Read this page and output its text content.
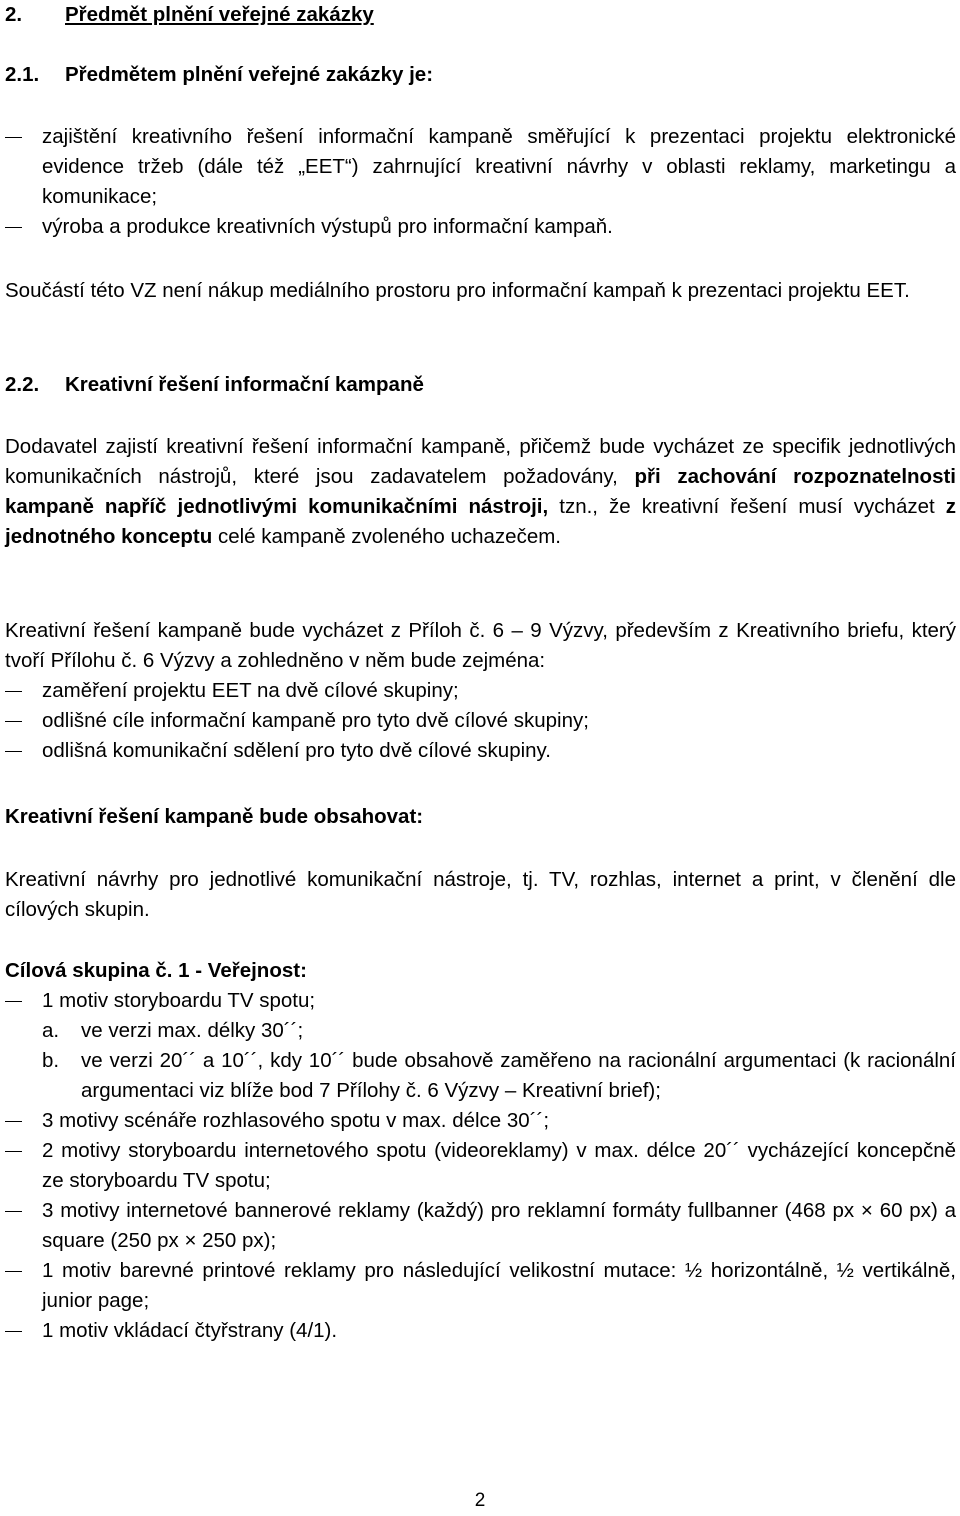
2.	Předmět plnění veřejné zakázky
2.1.	Předmětem plnění veřejné zakázky je:
zajištění kreativního řešení informační kampaně směřující k prezentaci projektu elektronické evidence tržeb (dále též „EET“) zahrnující kreativní návrhy v oblasti reklamy, marketingu a komunikace;
výroba a produkce kreativních výstupů pro informační kampaň.

Součástí této VZ není nákup mediálního prostoru pro informační kampaň k prezentaci projektu EET.

2.2.	Kreativní řešení informační kampaně

Dodavatel zajistí kreativní řešení informační kampaně, přičemž bude vycházet ze specifik jednotlivých komunikačních nástrojů, které jsou zadavatelem požadovány, při zachování rozpoznatelnosti kampaně napříč jednotlivými komunikačními nástroji, tzn., že kreativní řešení musí vycházet z jednotného konceptu celé kampaně zvoleného uchazečem.

Kreativní řešení kampaně bude vycházet z Příloh č. 6 – 9 Výzvy, především z Kreativního briefu, který tvoří Přílohu č. 6 Výzvy a zohledněno v něm bude zejména:

zaměření projektu EET na dvě cílové skupiny;
odlišné cíle informační kampaně pro tyto dvě cílové skupiny;
odlišná komunikační sdělení pro tyto dvě cílové skupiny.

Kreativní řešení kampaně bude obsahovat:

Kreativní návrhy pro jednotlivé komunikační nástroje, tj. TV, rozhlas, internet a print, v členění dle cílových skupin.

Cílová skupina č. 1 - Veřejnost:

1 motiv storyboardu TV spotu;
a. ve verzi max. délky 30´´;
b. ve verzi 20´´ a 10´´, kdy 10´´ bude obsahově zaměřeno na racionální argumentaci (k racionální argumentaci viz blíže bod 7 Přílohy č. 6 Výzvy – Kreativní brief);
3 motivy scénáře rozhlasového spotu v max. délce 30´´;
2 motivy storyboardu internetového spotu (videoreklamy) v max. délce 20´´ vycházející koncepčně ze storyboardu TV spotu;
3 motivy internetové bannerové reklamy (každý) pro reklamní formáty fullbanner (468 px × 60 px) a square (250 px × 250 px);
1 motiv barevné printové reklamy pro následující velikostní mutace: ½ horizontálně, ½ vertikálně, junior page;
1 motiv vkládací čtyřstrany (4/1).
2
